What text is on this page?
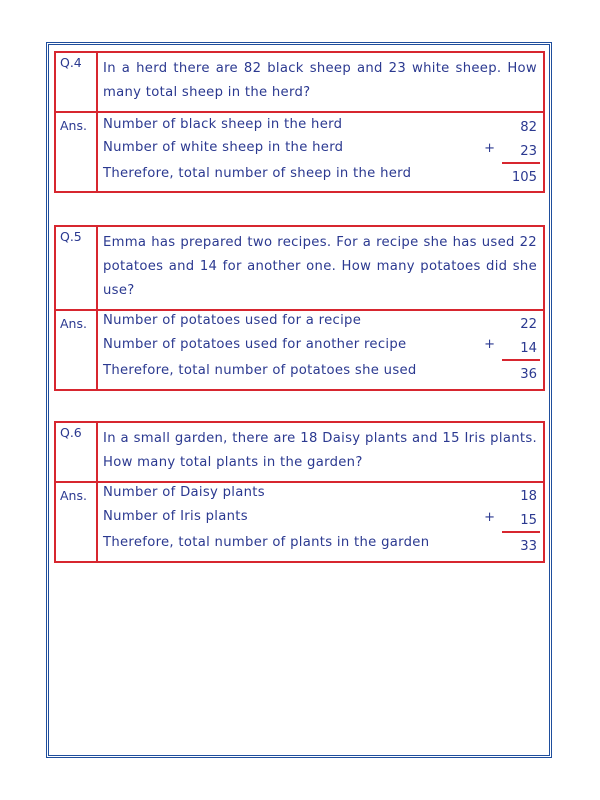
Q.4	In a herd there are 82 black sheep and 23 white sheep. How many total sheep in the herd?
Ans.	Number of black sheep in the herd	82
Number of white sheep in the herd	+ 23
Therefore, total number of sheep in the herd	105
Q.5	Emma has prepared two recipes. For a recipe she has used 22 potatoes and 14 for another one. How many potatoes did she use?
Ans.	Number of potatoes used for a recipe	22
Number of potatoes used for another recipe	+ 14
Therefore, total number of potatoes she used	36
Q.6	In a small garden, there are 18 Daisy plants and 15 Iris plants. How many total plants in the garden?
Ans.	Number of Daisy plants	18
Number of Iris plants	+ 15
Therefore, total number of plants in the garden	33
